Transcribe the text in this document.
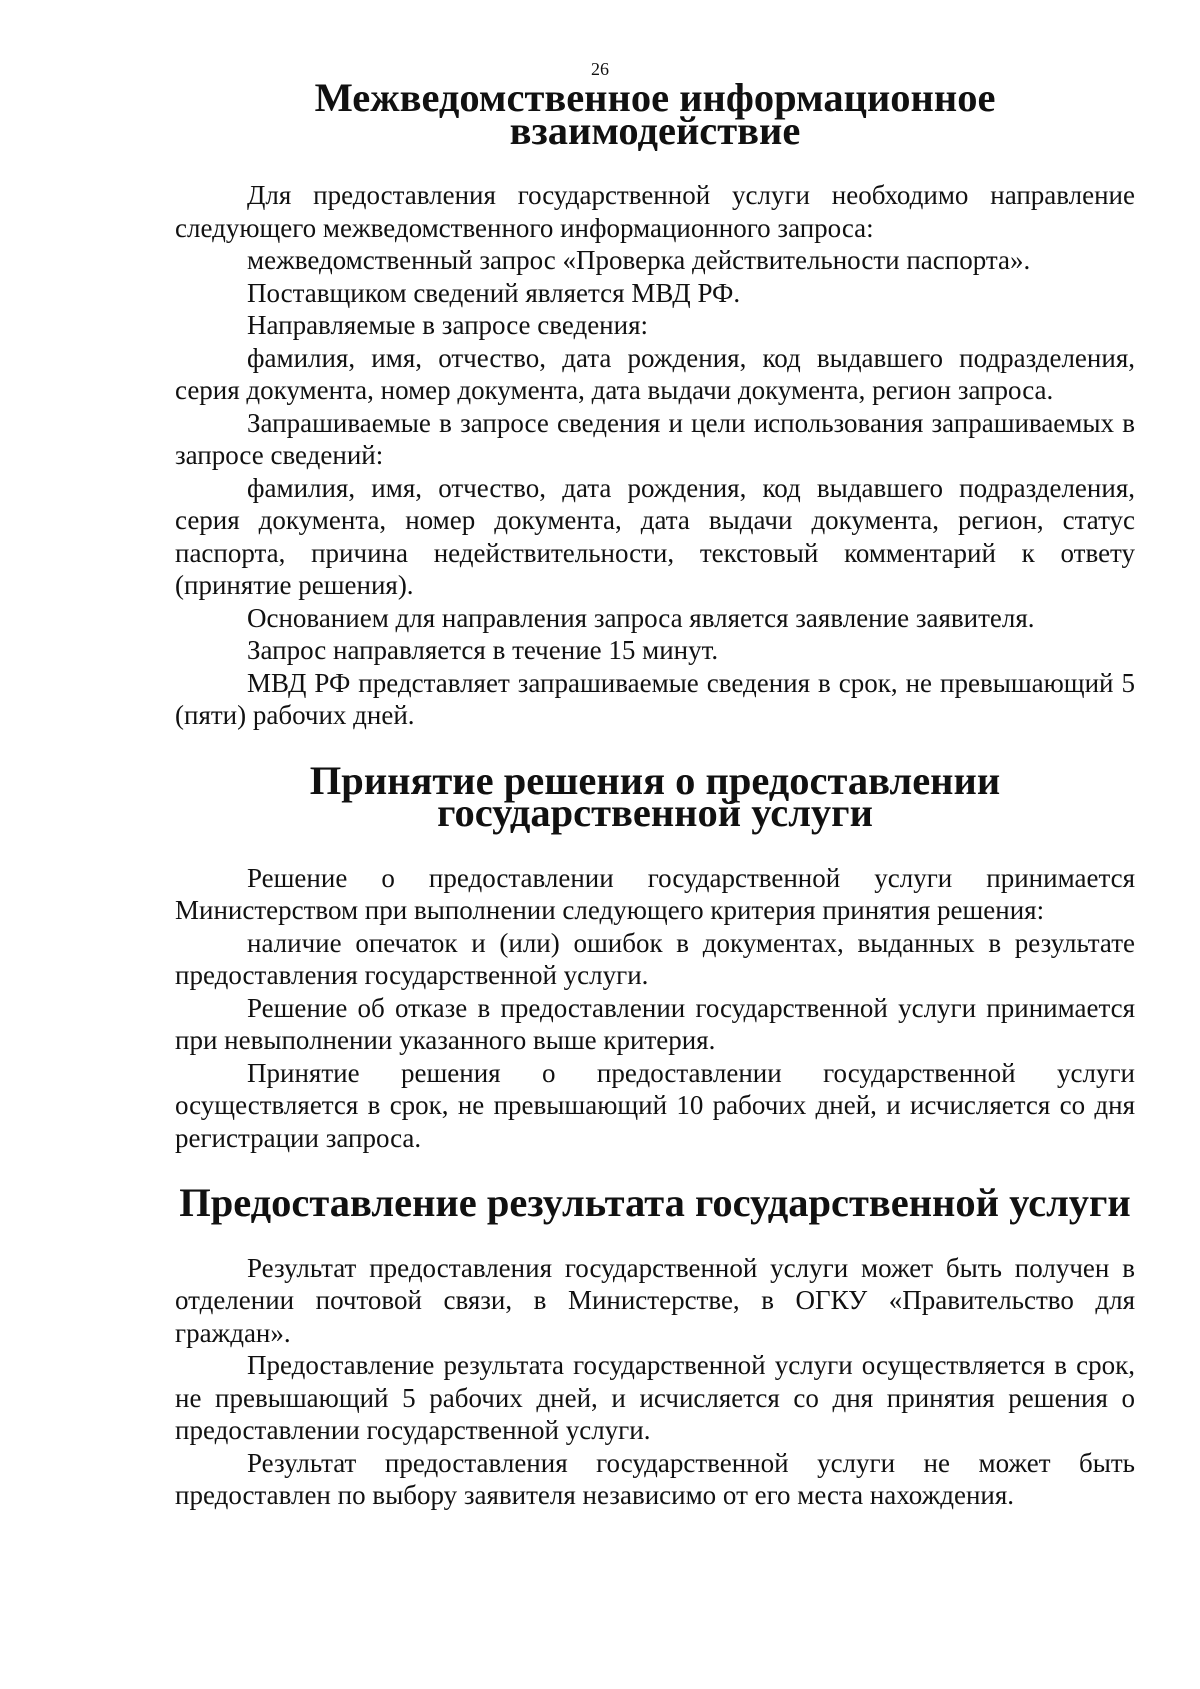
26
Межведомственное информационное взаимодействие

Для предоставления государственной услуги необходимо направление следующего межведомственного информационного запроса:

межведомственный запрос «Проверка действительности паспорта».

Поставщиком сведений является МВД РФ.

Направляемые в запросе сведения:

фамилия, имя, отчество, дата рождения, код выдавшего подразделения, серия документа, номер документа, дата выдачи документа, регион запроса.

Запрашиваемые в запросе сведения и цели использования запрашиваемых в запросе сведений:

фамилия, имя, отчество, дата рождения, код выдавшего подразделения, серия документа, номер документа, дата выдачи документа, регион, статус паспорта, причина недействительности, текстовый комментарий к ответу (принятие решения).

Основанием для направления запроса является заявление заявителя.

Запрос направляется в течение 15 минут.

МВД РФ представляет запрашиваемые сведения в срок, не превышающий 5 (пяти) рабочих дней.

Принятие решения о предоставлении государственной услуги

Решение о предоставлении государственной услуги принимается Министерством при выполнении следующего критерия принятия решения:

наличие опечаток и (или) ошибок в документах, выданных в результате предоставления государственной услуги.

Решение об отказе в предоставлении государственной услуги принимается при невыполнении указанного выше критерия.

Принятие решения о предоставлении государственной услуги осуществляется в срок, не превышающий 10 рабочих дней, и исчисляется со дня регистрации запроса.

Предоставление результата государственной услуги

Результат предоставления государственной услуги может быть получен в отделении почтовой связи, в Министерстве, в ОГКУ «Правительство для граждан».

Предоставление результата государственной услуги осуществляется в срок, не превышающий 5 рабочих дней, и исчисляется со дня принятия решения о предоставлении государственной услуги.

Результат предоставления государственной услуги не может быть предоставлен по выбору заявителя независимо от его места нахождения.
